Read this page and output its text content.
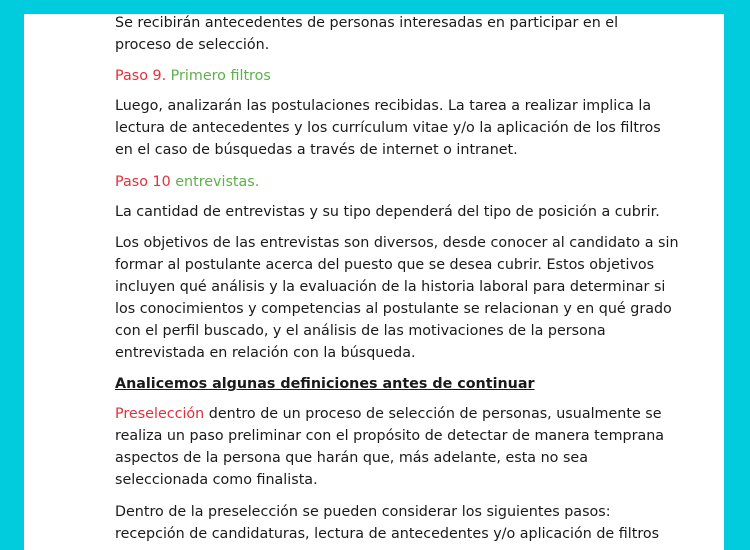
Se recibirán antecedentes de personas interesadas en participar en el
proceso de selección.

Paso 9. Primero filtros

Luego, analizarán las postulaciones recibidas. La tarea a realizar implica la
lectura de antecedentes y los currículum vitae y/o la aplicación de los filtros
en el caso de búsquedas a través de internet o intranet.

Paso 10 entrevistas.

La cantidad de entrevistas y su tipo dependerá del tipo de posición a cubrir.

Los objetivos de las entrevistas son diversos, desde conocer al candidato a sin
formar al postulante acerca del puesto que se desea cubrir. Estos objetivos
incluyen qué análisis y la evaluación de la historia laboral para determinar si
los conocimientos y competencias al postulante se relacionan y en qué grado
con el perfil buscado, y el análisis de las motivaciones de la persona
entrevistada en relación con la búsqueda.

Analicemos algunas definiciones antes de continuar

Preselección dentro de un proceso de selección de personas, usualmente se
realiza un paso preliminar con el propósito de detectar de manera temprana
aspectos de la persona que harán que, más adelante, esta no sea
seleccionada como finalista.

Dentro de la preselección se pueden considerar los siguientes pasos:
recepción de candidaturas, lectura de antecedentes y/o aplicación de filtros
